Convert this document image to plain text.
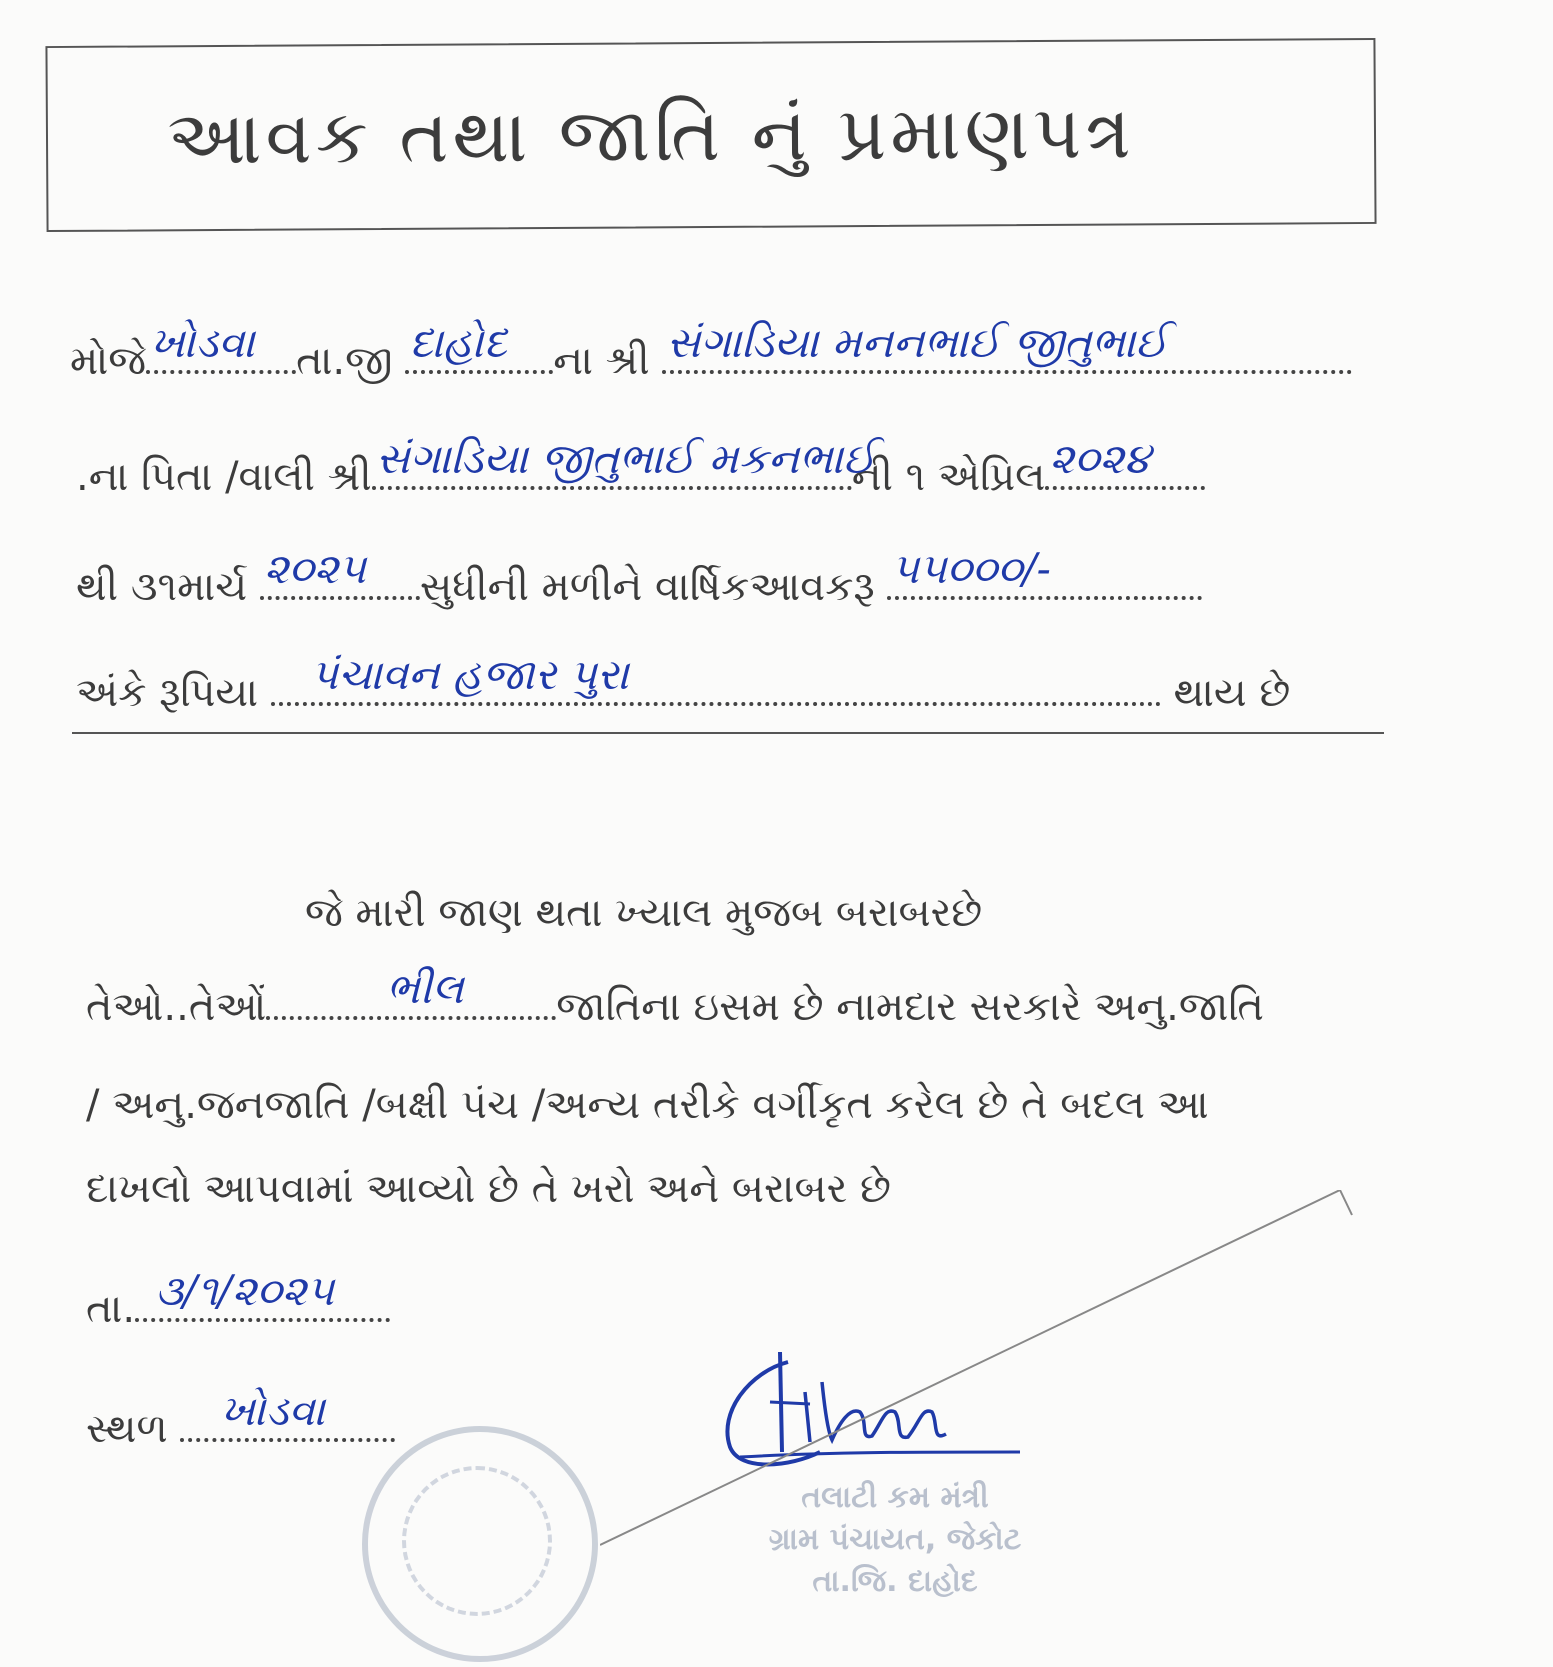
આવક તથા જાતિ નું પ્રમાણપત્ર
મોજે ખોડવા તા.જી દાહોદ ના શ્રી સંગાડિયા મનનભાઈ જીતુભાઈ
.ના પિતા /વાલી શ્રી સંગાડિયા જીતુભાઈ મકનભાઈ
ની ૧ એપ્રિલ ૨૦૨૪
થી ૩૧માર્ચ ૨૦૨૫ સુધીની મળીને વાર્ષિકઆવકરૂ ૫૫૦૦૦/-
અંકે રૂપિયા પંચાવન હજાર પુરા	થાય છે
જે મારી જાણ થતા ખ્યાલ મુજબ બરાબરછે
તેઓ..તેઓં	ભીલ જાતિના ઇસમ છે નામદાર સરકારે અનુ.જાતિ
/ અનુ.જનજાતિ /બક્ષી પંચ /અન્ય તરીકે વર્ગીકૃત કરેલ છે તે બદલ આ
દાખલો આપવામાં આવ્યો છે તે ખરો અને બરાબર છે
તા. ૩/૧/૨૦૨૫
સ્થળ ખોડવા
તલાટી કમ મંત્રી
ગ્રામ પંચાયત, જેકોટ
તા.જિ. દાહોદ
